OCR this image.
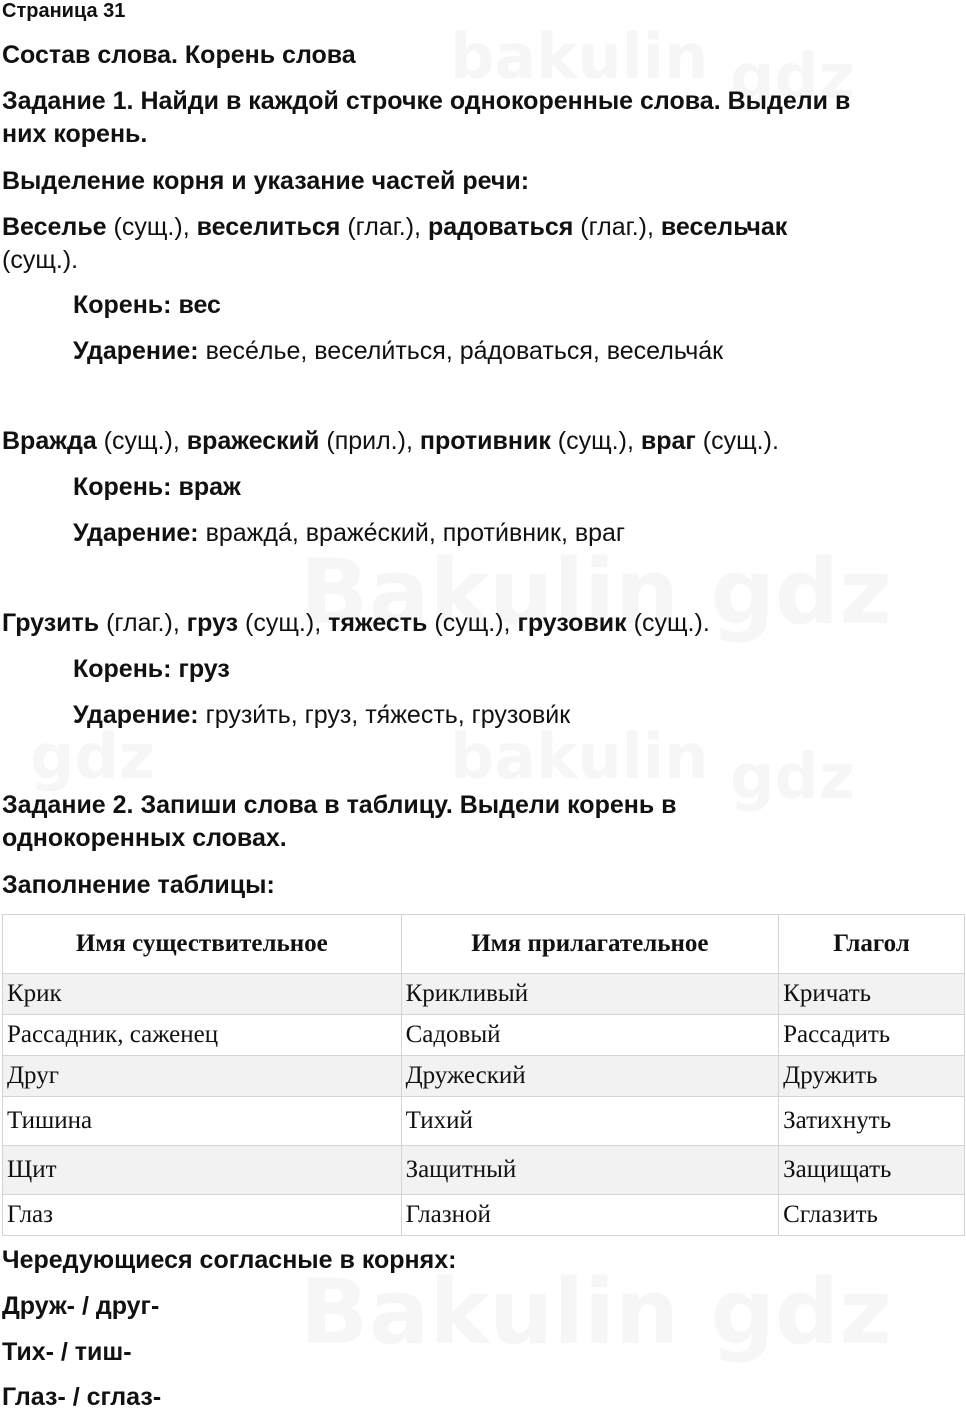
Страница 31

Состав слова. Корень слова

Задание 1. Найди в каждой строчке однокоренные слова. Выдели в

них корень.

Выделение корня и указание частей речи:

Веселье (сущ.), веселиться (глаг.), радоваться (глаг.), весельчак

(сущ.).

Корень: вес

Ударение: весе́лье, весели́ться, ра́доваться, весельча́к

Вражда (сущ.), вражеский (прил.), противник (сущ.), враг (сущ.).

Корень: враж

Ударение: вражда́, враже́ский, проти́вник, враг

Грузить (глаг.), груз (сущ.), тяжесть (сущ.), грузовик (сущ.).

Корень: груз

Ударение: грузи́ть, груз, тя́жесть, грузови́к

Задание 2. Запиши слова в таблицу. Выдели корень в

однокоренных словах.

Заполнение таблицы:

Имя существительное	Имя прилагательное	Глагол
Крик	Крикливый	Кричать
Рассадник, саженец	Садовый	Рассадить
Друг	Дружеский	Дружить
Тишина	Тихий	Затихнуть
Щит	Защитный	Защищать
Глаз	Глазной	Сглазить

Чередующиеся согласные в корнях:

Друж- / друг-

Тих- / тиш-

Глаз- / сглаз-
